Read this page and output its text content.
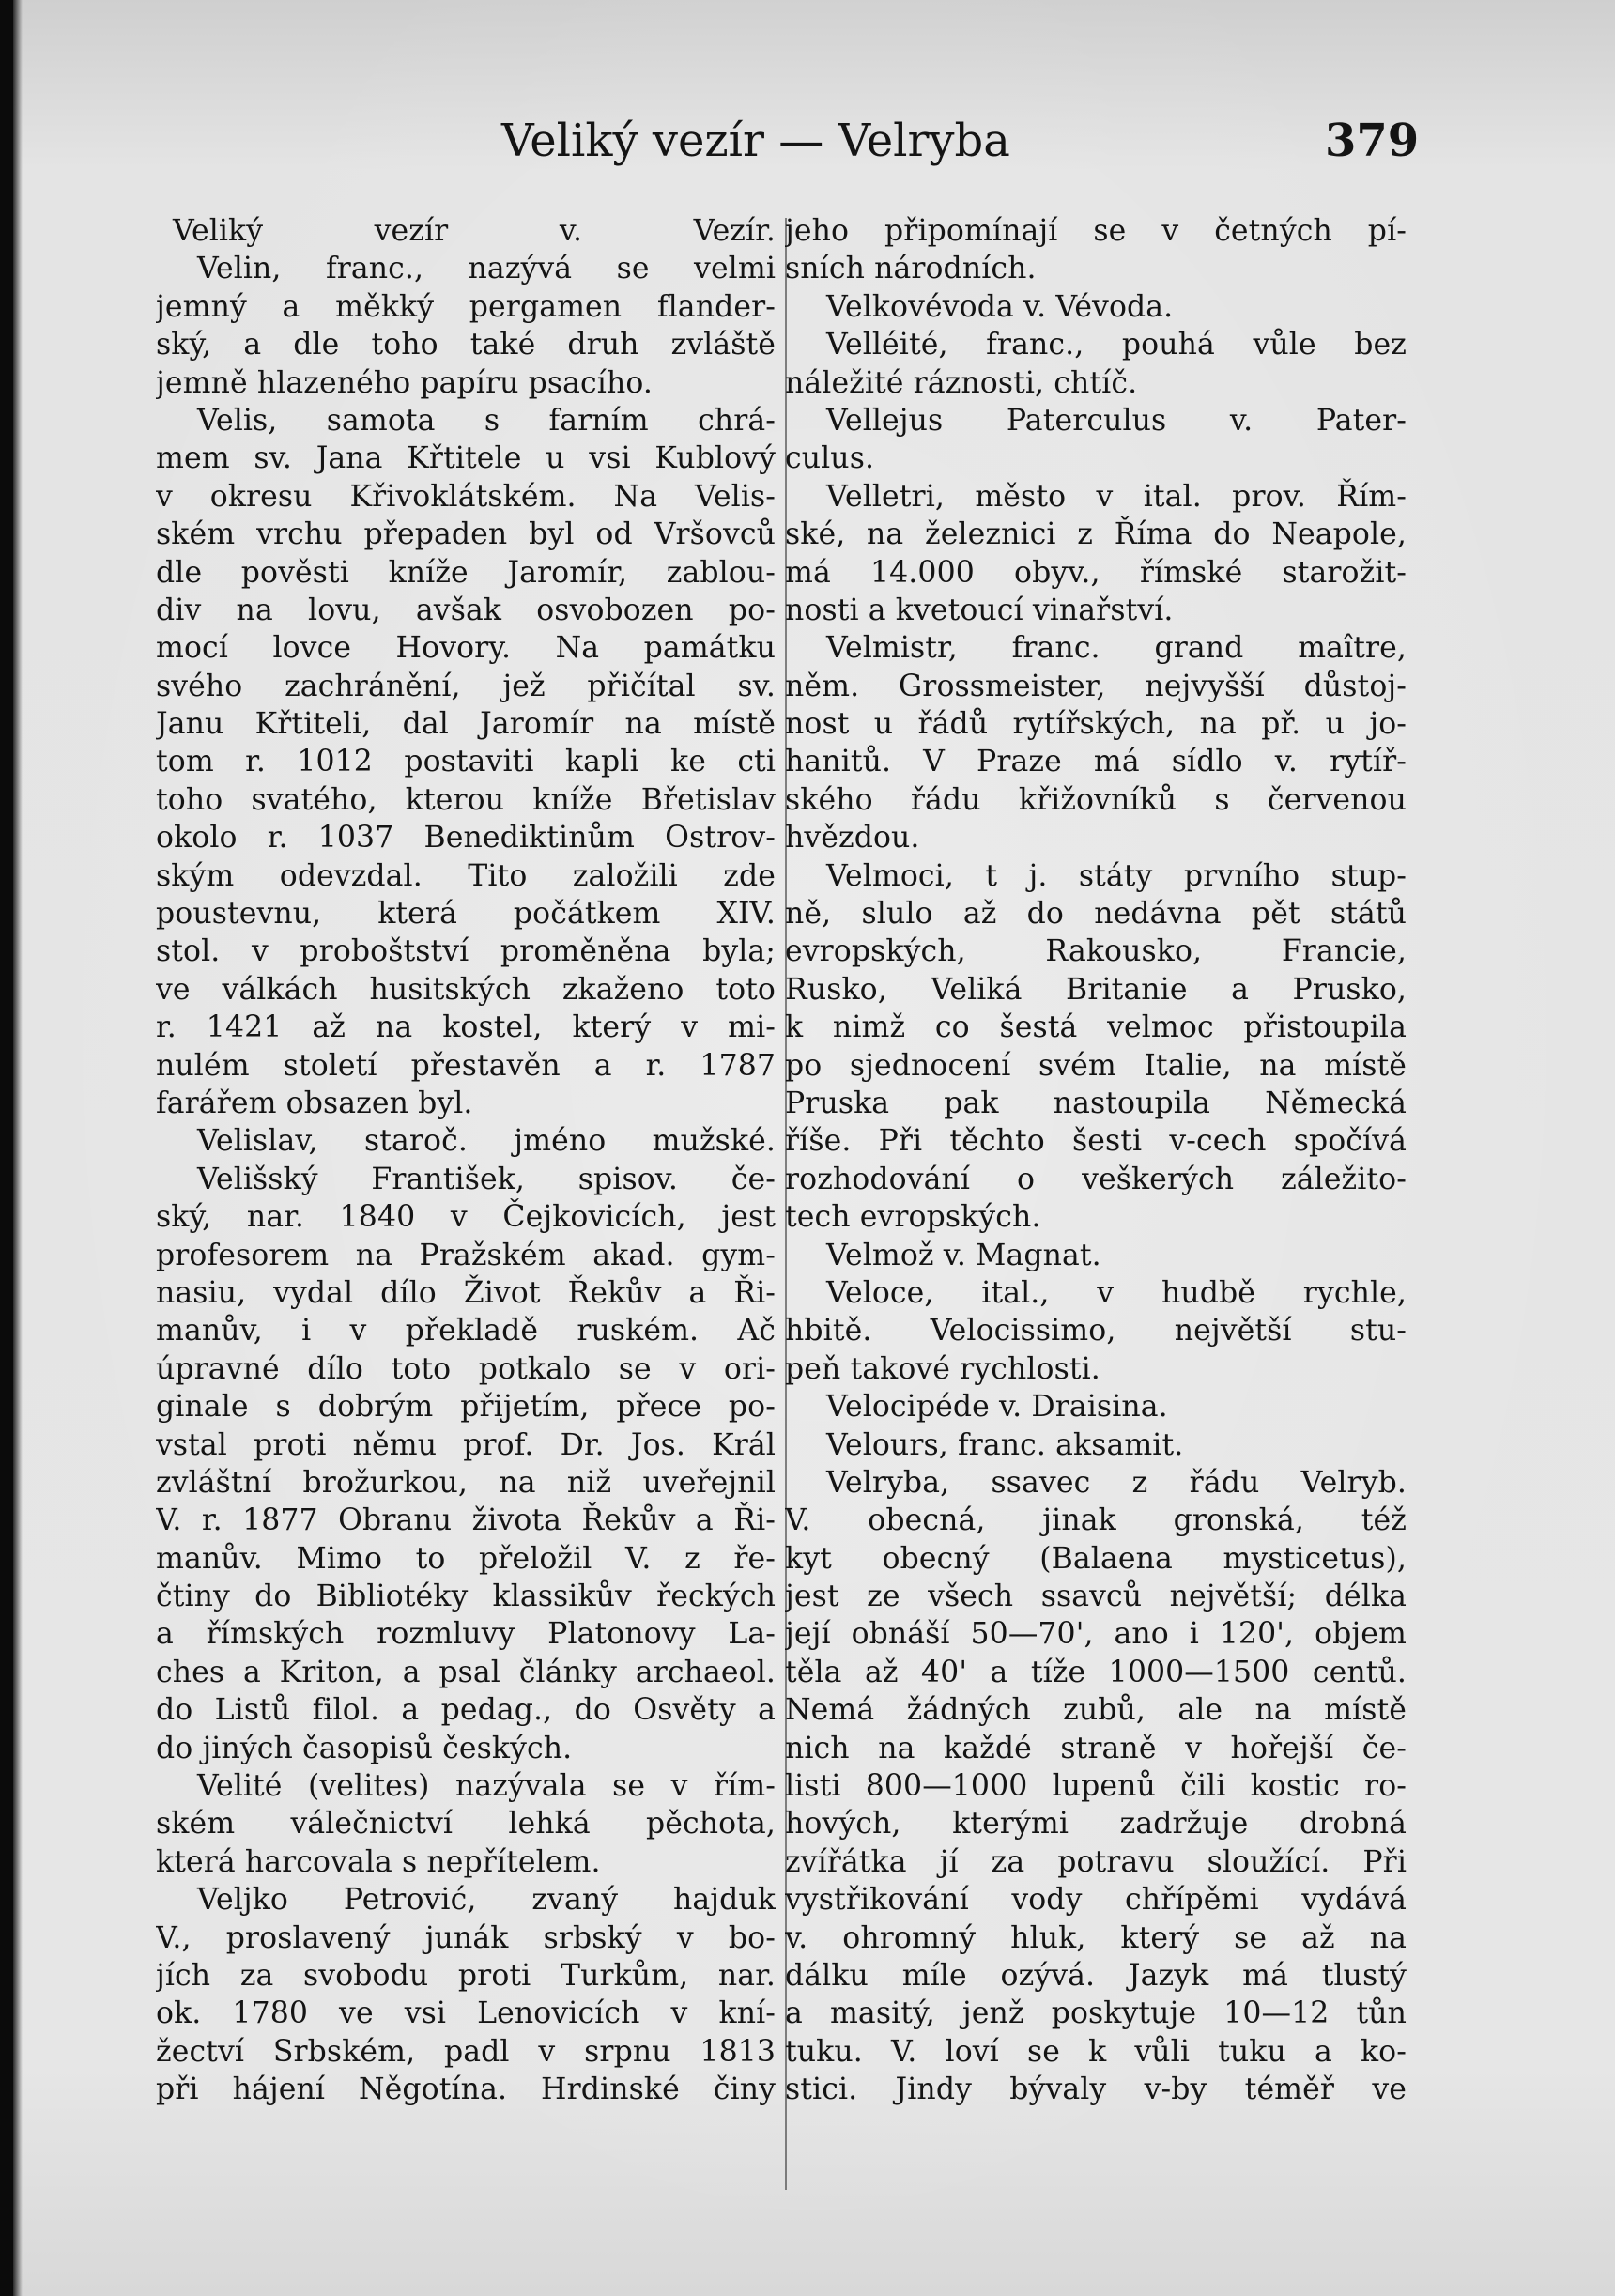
Veliký vezír — Velryba	379
Veliký vezír v. Vezír.
Velin, franc., nazývá se velmi
jemný a měkký pergamen flander-
ský, a dle toho také druh zvláště
jemně hlazeného papíru psacího.
Velis, samota s farním chrá-
mem sv. Jana Křtitele u vsi Kublový
v okresu Křivoklátském. Na Velis-
ském vrchu přepaden byl od Vršovců
dle pověsti kníže Jaromír, zablou-
div na lovu, avšak osvobozen po-
mocí lovce Hovory. Na památku
svého zachránění, jež přičítal sv.
Janu Křtiteli, dal Jaromír na místě
tom r. 1012 postaviti kapli ke cti
toho svatého, kterou kníže Břetislav
okolo r. 1037 Benediktinům Ostrov-
ským odevzdal. Tito založili zde
poustevnu, která počátkem XIV.
stol. v proboštství proměněna byla;
ve válkách husitských zkaženo toto
r. 1421 až na kostel, který v mi-
nulém století přestavěn a r. 1787
farářem obsazen byl.
Velislav, staroč. jméno mužské.
Velišský František, spisov. če-
ský, nar. 1840 v Čejkovicích, jest
profesorem na Pražském akad. gym-
nasiu, vydal dílo Život Řekův a Ři-
manův, i v překladě ruském. Ač
úpravné dílo toto potkalo se v ori-
ginale s dobrým přijetím, přece po-
vstal proti němu prof. Dr. Jos. Král
zvláštní brožurkou, na niž uveřejnil
V. r. 1877 Obranu života Řekův a Ři-
manův. Mimo to přeložil V. z ře-
čtiny do Bibliotéky klassikův řeckých
a římských rozmluvy Platonovy La-
ches a Kriton, a psal články archaeol.
do Listů filol. a pedag., do Osvěty a
do jiných časopisů českých.
Velité (velites) nazývala se v řím-
ském válečnictví lehká pěchota,
která harcovala s nepřítelem.
Veljko Petrović, zvaný hajduk
V., proslavený junák srbský v bo-
jích za svobodu proti Turkům, nar.
ok. 1780 ve vsi Lenovicích v kní-
žectví Srbském, padl v srpnu 1813
při hájení Něgotína. Hrdinské činy
jeho připomínají se v četných pí-
sních národních.
Velkovévoda v. Vévoda.
Velléité, franc., pouhá vůle bez
náležité ráznosti, chtíč.
Vellejus Paterculus v. Pater-
culus.
Velletri, město v ital. prov. Řím-
ské, na železnici z Říma do Neapole,
má 14.000 obyv., římské starožit-
nosti a kvetoucí vinařství.
Velmistr, franc. grand maître,
něm. Grossmeister, nejvyšší důstoj-
nost u řádů rytířských, na př. u jo-
hanitů. V Praze má sídlo v. rytíř-
ského řádu křižovníků s červenou
hvězdou.
Velmoci, t j. státy prvního stup-
ně, slulo až do nedávna pět států
evropských, Rakousko, Francie,
Rusko, Veliká Britanie a Prusko,
k nimž co šestá velmoc přistoupila
po sjednocení svém Italie, na místě
Pruska pak nastoupila Německá
říše. Při těchto šesti v-cech spočívá
rozhodování o veškerých záležito-
tech evropských.
Velmož v. Magnat.
Veloce, ital., v hudbě rychle,
hbitě. Velocissimo, největší stu-
peň takové rychlosti.
Velocipéde v. Draisina.
Velours, franc. aksamit.
Velryba, ssavec z řádu Velryb.
V. obecná, jinak gronská, též
kyt obecný (Balaena mysticetus),
jest ze všech ssavců největší; délka
její obnáší 50—70', ano i 120', objem
těla až 40' a tíže 1000—1500 centů.
Nemá žádných zubů, ale na místě
nich na každé straně v hořejší če-
listi 800—1000 lupenů čili kostic ro-
hových, kterými zadržuje drobná
zvířátka jí za potravu sloužící. Při
vystřikování vody chřípěmi vydává
v. ohromný hluk, který se až na
dálku míle ozývá. Jazyk má tlustý
a masitý, jenž poskytuje 10—12 tůn
tuku. V. loví se k vůli tuku a ko-
stici. Jindy bývaly v-by téměř ve
